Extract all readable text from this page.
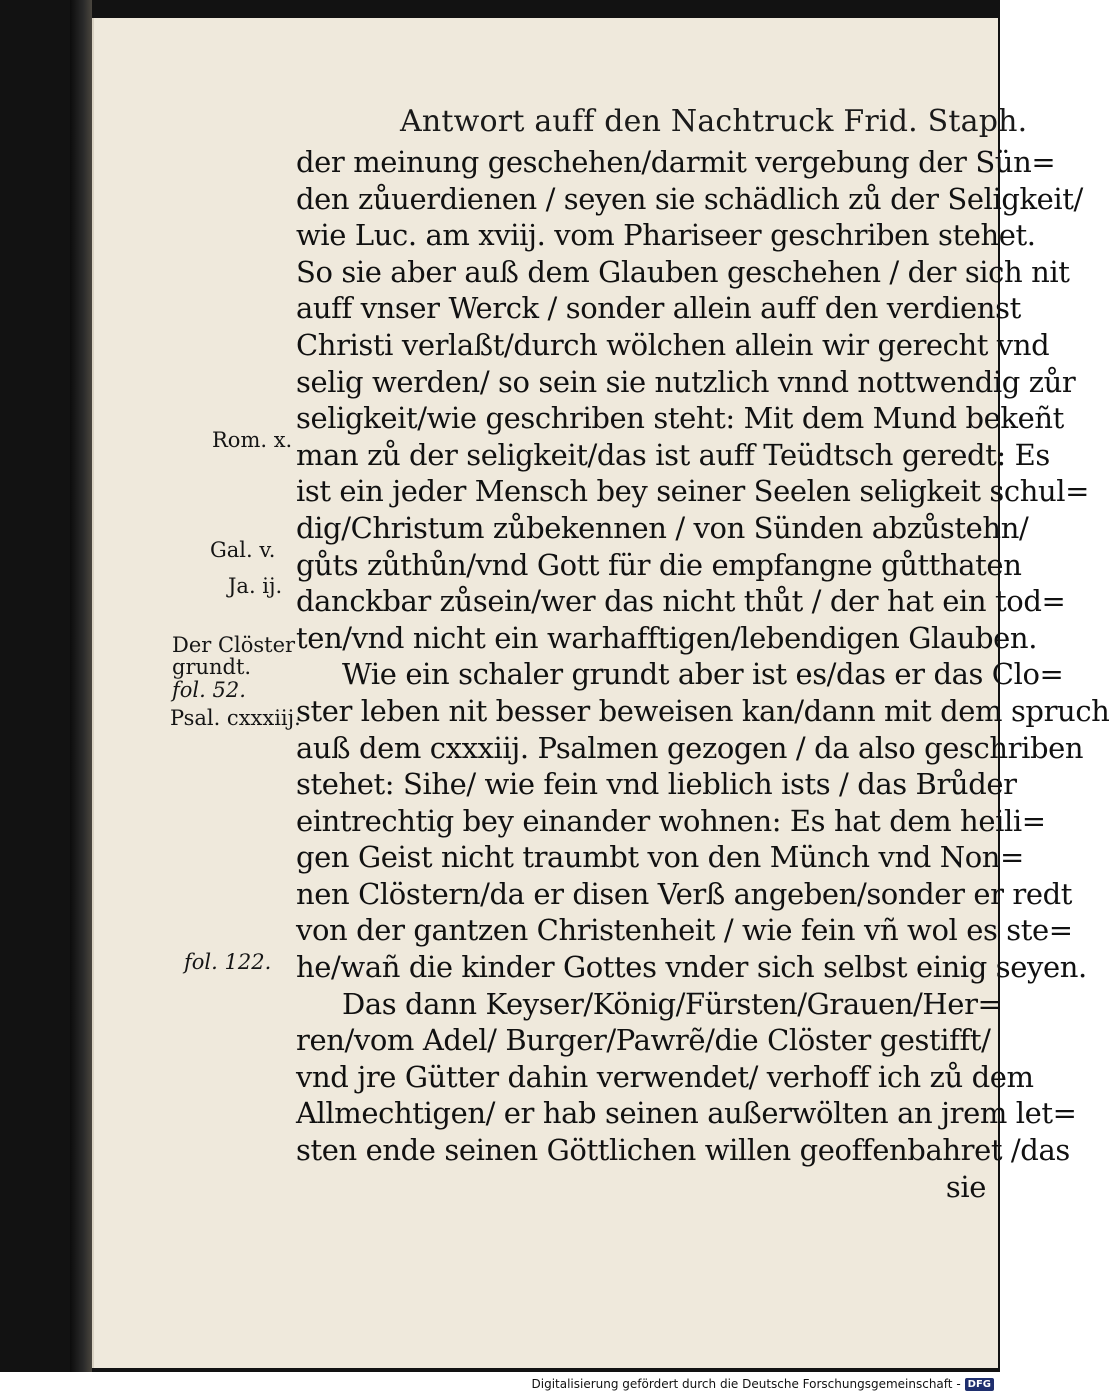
Antwort auff den Nachtruck Frid. Staph.
der meinung geschehen/darmit vergebung der Sün=
den zůuerdienen / seyen sie schädlich zů der Seligkeit/
wie Luc. am xviij. vom Phariseer geschriben stehet.
So sie aber auß dem Glauben geschehen / der sich nit
auff vnser Werck / sonder allein auff den verdienst
Christi verlaßt/durch wölchen allein wir gerecht vnd
selig werden/ so sein sie nutzlich vnnd nottwendig zůr
seligkeit/wie geschriben steht: Mit dem Mund bekeñt
man zů der seligkeit/das ist auff Teüdtsch geredt: Es
ist ein jeder Mensch bey seiner Seelen seligkeit schul=
dig/Christum zůbekennen / von Sünden abzůstehn/
gůts zůthůn/vnd Gott für die empfangne gůtthaten
danckbar zůsein/wer das nicht thůt / der hat ein tod=
ten/vnd nicht ein warhafftigen/lebendigen Glauben.
Wie ein schaler grundt aber ist es/das er das Clo=
ster leben nit besser beweisen kan/dann mit dem spruch
auß dem cxxxiij. Psalmen gezogen / da also geschriben
stehet: Sihe/ wie fein vnd lieblich ists / das Brůder
eintrechtig bey einander wohnen: Es hat dem heili=
gen Geist nicht traumbt von den Münch vnd Non=
nen Clöstern/da er disen Verß angeben/sonder er redt
von der gantzen Christenheit / wie fein vñ wol es ste=
he/wañ die kinder Gottes vnder sich selbst einig seyen.
Das dann Keyser/König/Fürsten/Grauen/Her=
ren/vom Adel/ Burger/Pawrẽ/die Clöster gestifft/
vnd jre Gütter dahin verwendet/ verhoff ich zů dem
Allmechtigen/ er hab seinen außerwölten an jrem let=
sten ende seinen Göttlichen willen geoffenbahret /das
sie
Rom. x.
Gal. v.
Ja. ij.
Der Clöster
grundt.
fol. 52.
Psal. cxxxiij.
fol. 122.
Digitalisierung gefördert durch die Deutsche Forschungsgemeinschaft - DFG
